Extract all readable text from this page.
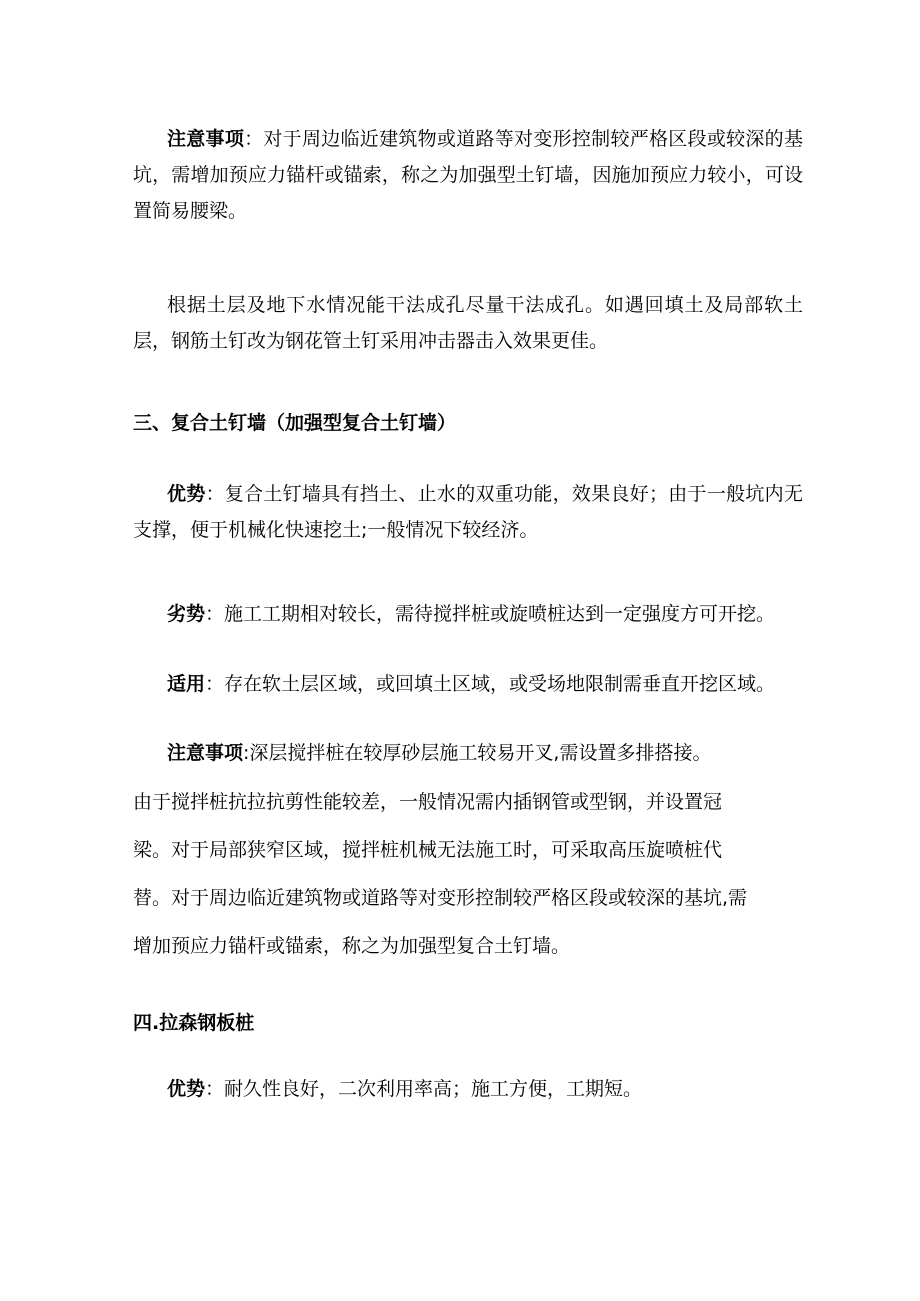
注意事项：对于周边临近建筑物或道路等对变形控制较严格区段或较深的基坑，需增加预应力锚杆或锚索，称之为加强型土钉墙，因施加预应力较小，可设置简易腰梁。

根据土层及地下水情况能干法成孔尽量干法成孔。如遇回填土及局部软土层，钢筋土钉改为钢花管土钉采用冲击器击入效果更佳。

三、复合土钉墙（加强型复合土钉墙）

优势：复合土钉墙具有挡土、止水的双重功能，效果良好；由于一般坑内无支撑，便于机械化快速挖土;一般情况下较经济。

劣势：施工工期相对较长，需待搅拌桩或旋喷桩达到一定强度方可开挖。

适用：存在软土层区域，或回填土区域，或受场地限制需垂直开挖区域。

注意事项:深层搅拌桩在较厚砂层施工较易开叉,需设置多排搭接。

由于搅拌桩抗拉抗剪性能较差，一般情况需内插钢管或型钢，并设置冠

梁。对于局部狭窄区域，搅拌桩机械无法施工时，可采取高压旋喷桩代

替。对于周边临近建筑物或道路等对变形控制较严格区段或较深的基坑,需

增加预应力锚杆或锚索，称之为加强型复合土钉墙。

四.拉森钢板桩

优势：耐久性良好，二次利用率高；施工方便，工期短。
